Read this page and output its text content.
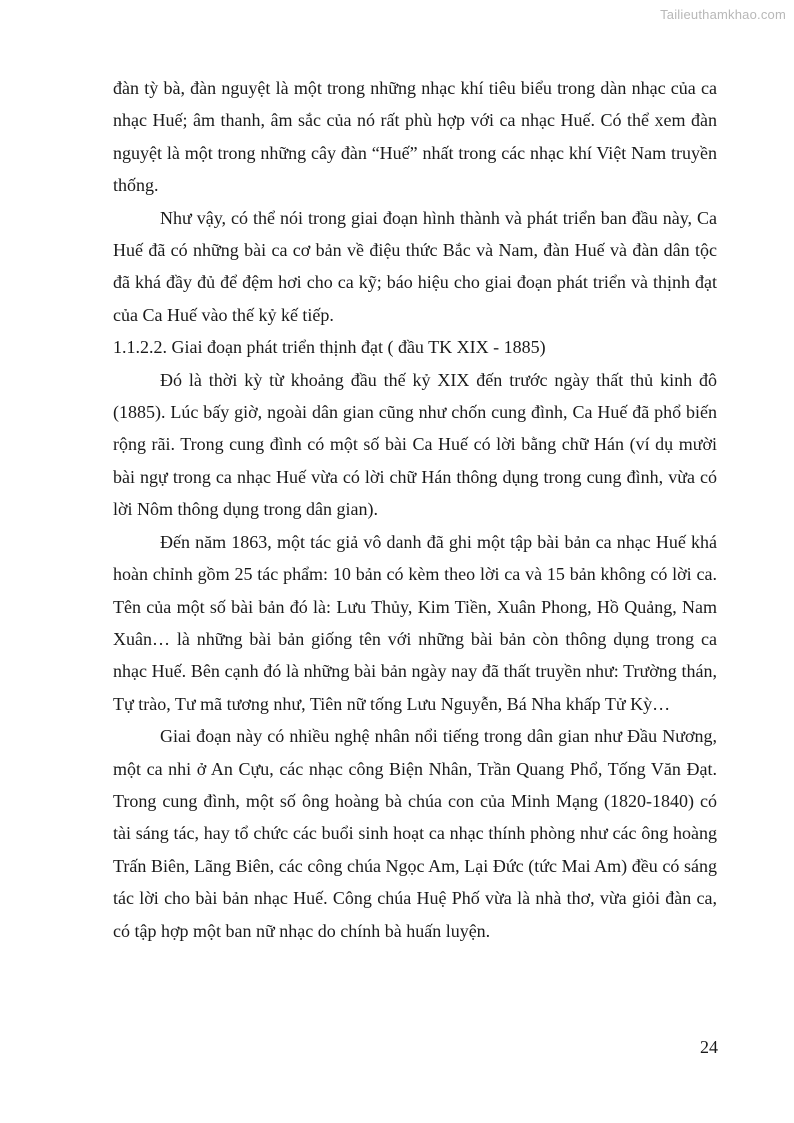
Tailieuthamkhao.com

đàn tỳ bà, đàn nguyệt là một trong những nhạc khí tiêu biểu trong dàn nhạc của ca nhạc Huế; âm thanh, âm sắc của nó rất phù hợp với ca nhạc Huế. Có thể xem đàn nguyệt là một trong những cây đàn “Huế” nhất trong các nhạc khí Việt Nam truyền thống.

Như vậy, có thể nói trong giai đoạn hình thành và phát triển ban đầu này, Ca Huế đã có những bài ca cơ bản về điệu thức Bắc và Nam, đàn Huế và đàn dân tộc đã khá đầy đủ để đệm hơi cho ca kỹ; báo hiệu cho giai đoạn phát triển và thịnh đạt của Ca Huế vào thế kỷ kế tiếp.

1.1.2.2. Giai đoạn phát triển thịnh đạt ( đầu TK XIX - 1885)

Đó là thời kỳ từ khoảng đầu thế kỷ XIX đến trước ngày thất thủ kinh đô (1885). Lúc bấy giờ, ngoài dân gian cũng như chốn cung đình, Ca Huế đã phổ biến rộng rãi. Trong cung đình có một số bài Ca Huế có lời bằng chữ Hán (ví dụ mười bài ngự trong ca nhạc Huế vừa có lời chữ Hán thông dụng trong cung đình, vừa có lời Nôm thông dụng trong dân gian).

Đến năm 1863, một tác giả vô danh đã ghi một tập bài bản ca nhạc Huế khá hoàn chỉnh gồm 25 tác phẩm: 10 bản có kèm theo lời ca và 15 bản không có lời ca. Tên của một số bài bản đó là: Lưu Thủy, Kim Tiền, Xuân Phong, Hồ Quảng, Nam Xuân… là những bài bản giống tên với những bài bản còn thông dụng trong ca nhạc Huế. Bên cạnh đó là những bài bản ngày nay đã thất truyền như: Trường thán, Tự trào, Tư mã tương như, Tiên nữ tống Lưu Nguyễn, Bá Nha khấp Tử Kỳ…

Giai đoạn này có nhiều nghệ nhân nổi tiếng trong dân gian như Đầu Nương, một ca nhi ở An Cựu, các nhạc công Biện Nhân, Trần Quang Phổ, Tống Văn Đạt. Trong cung đình, một số ông hoàng bà chúa con của Minh Mạng (1820-1840) có tài sáng tác, hay tổ chức các buổi sinh hoạt ca nhạc thính phòng như các ông hoàng Trấn Biên, Lãng Biên, các công chúa Ngọc Am, Lại Đức (tức Mai Am) đều có sáng tác lời cho bài bản nhạc Huế. Công chúa Huệ Phố vừa là nhà thơ, vừa giỏi đàn ca, có tập hợp một ban nữ nhạc do chính bà huấn luyện.

24
